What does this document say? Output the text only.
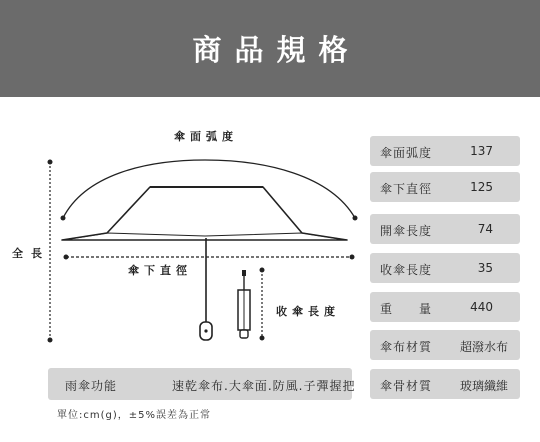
商品規格
傘面弧度
全長
傘下直徑
收傘長度
傘面弧度	137
傘下直徑	125
開傘長度	74
收傘長度	35
重　　量	440
傘布材質 超潑水布
傘骨材質 玻璃纖維
雨傘功能	速乾傘布.大傘面.防風.子彈握把
單位:cm(g)，±5%誤差為正常
